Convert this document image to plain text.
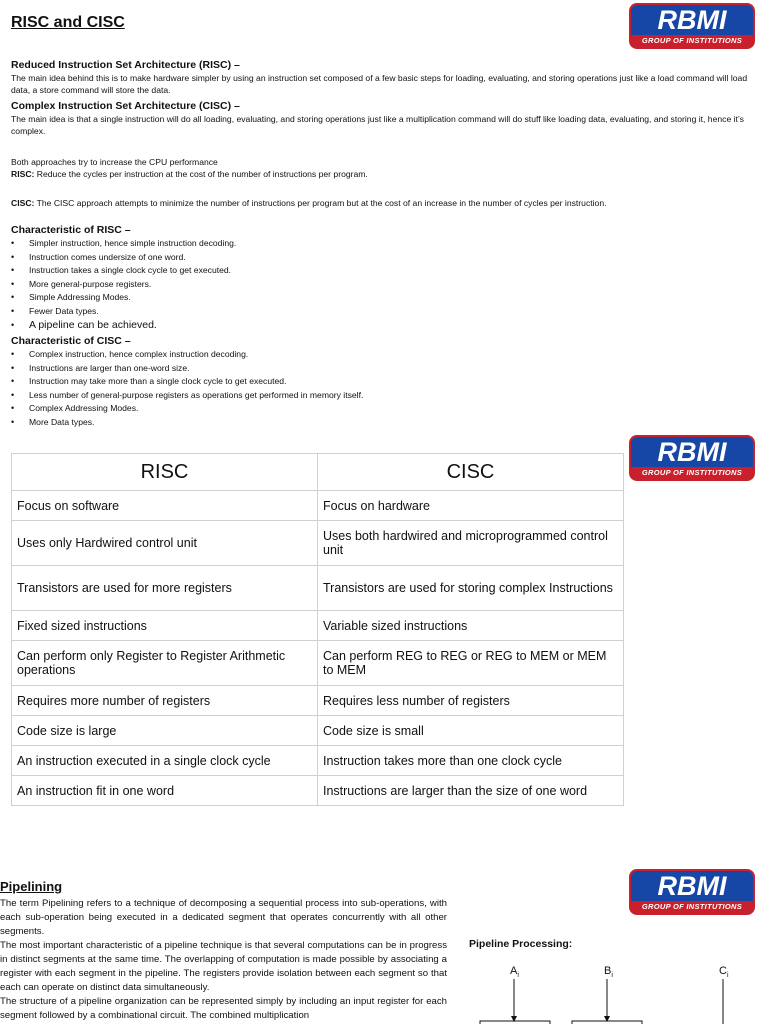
RBMI
GROUP OF INSTITUTIONS
RISC and CISC

Reduced Instruction Set Architecture (RISC) –

The main idea behind this is to make hardware simpler by using an instruction set composed of a few basic steps for loading, evaluating, and storing operations just like a load command will load data, a store command will store the data.

Complex Instruction Set Architecture (CISC) –

The main idea is that a single instruction will do all loading, evaluating, and storing operations just like a multiplication command will do stuff like loading data, evaluating, and storing it, hence it’s complex.

Both approaches try to increase the CPU performance

RISC: Reduce the cycles per instruction at the cost of the number of instructions per program.

CISC: The CISC approach attempts to minimize the number of instructions per program but at the cost of an increase in the number of cycles per instruction.

Characteristic of RISC –

• Simpler instruction, hence simple instruction decoding.
• Instruction comes undersize of one word.
• Instruction takes a single clock cycle to get executed.
• More general-purpose registers.
• Simple Addressing Modes.
• Fewer Data types.
• A pipeline can be achieved.

Characteristic of CISC –

• Complex instruction, hence complex instruction decoding.
• Instructions are larger than one-word size.
• Instruction may take more than a single clock cycle to get executed.
• Less number of general-purpose registers as operations get performed in memory itself.
• Complex Addressing Modes.
• More Data types.
RBMI
GROUP OF INSTITUTIONS
RISC	CISC
Focus on software	Focus on hardware
Uses only Hardwired control unit	Uses both hardwired and microprogrammed control unit
Transistors are used for more registers	Transistors are used for storing complex Instructions
Fixed sized instructions	Variable sized instructions
Can perform only Register to Register Arithmetic operations	Can perform REG to REG or REG to MEM or MEM to MEM
Requires more number of registers	Requires less number of registers
Code size is large	Code size is small
An instruction executed in a single clock cycle	Instruction takes more than one clock cycle
An instruction fit in one word	Instructions are larger than the size of one word
RBMI
GROUP OF INSTITUTIONS
Pipelining

The term Pipelining refers to a technique of decomposing a sequential process into sub-operations, with each sub-operation being executed in a dedicated segment that operates concurrently with all other segments.

The most important characteristic of a pipeline technique is that several computations can be in progress in distinct segments at the same time. The overlapping of computation is made possible by associating a register with each segment in the pipeline. The registers provide isolation between each segment so that each can operate on distinct data simultaneously.

The structure of a pipeline organization can be represented simply by including an input register for each segment followed by a combinational circuit. The combined multiplication

Pipeline Processing:
$A_i$	$B_i$	$C_i$
